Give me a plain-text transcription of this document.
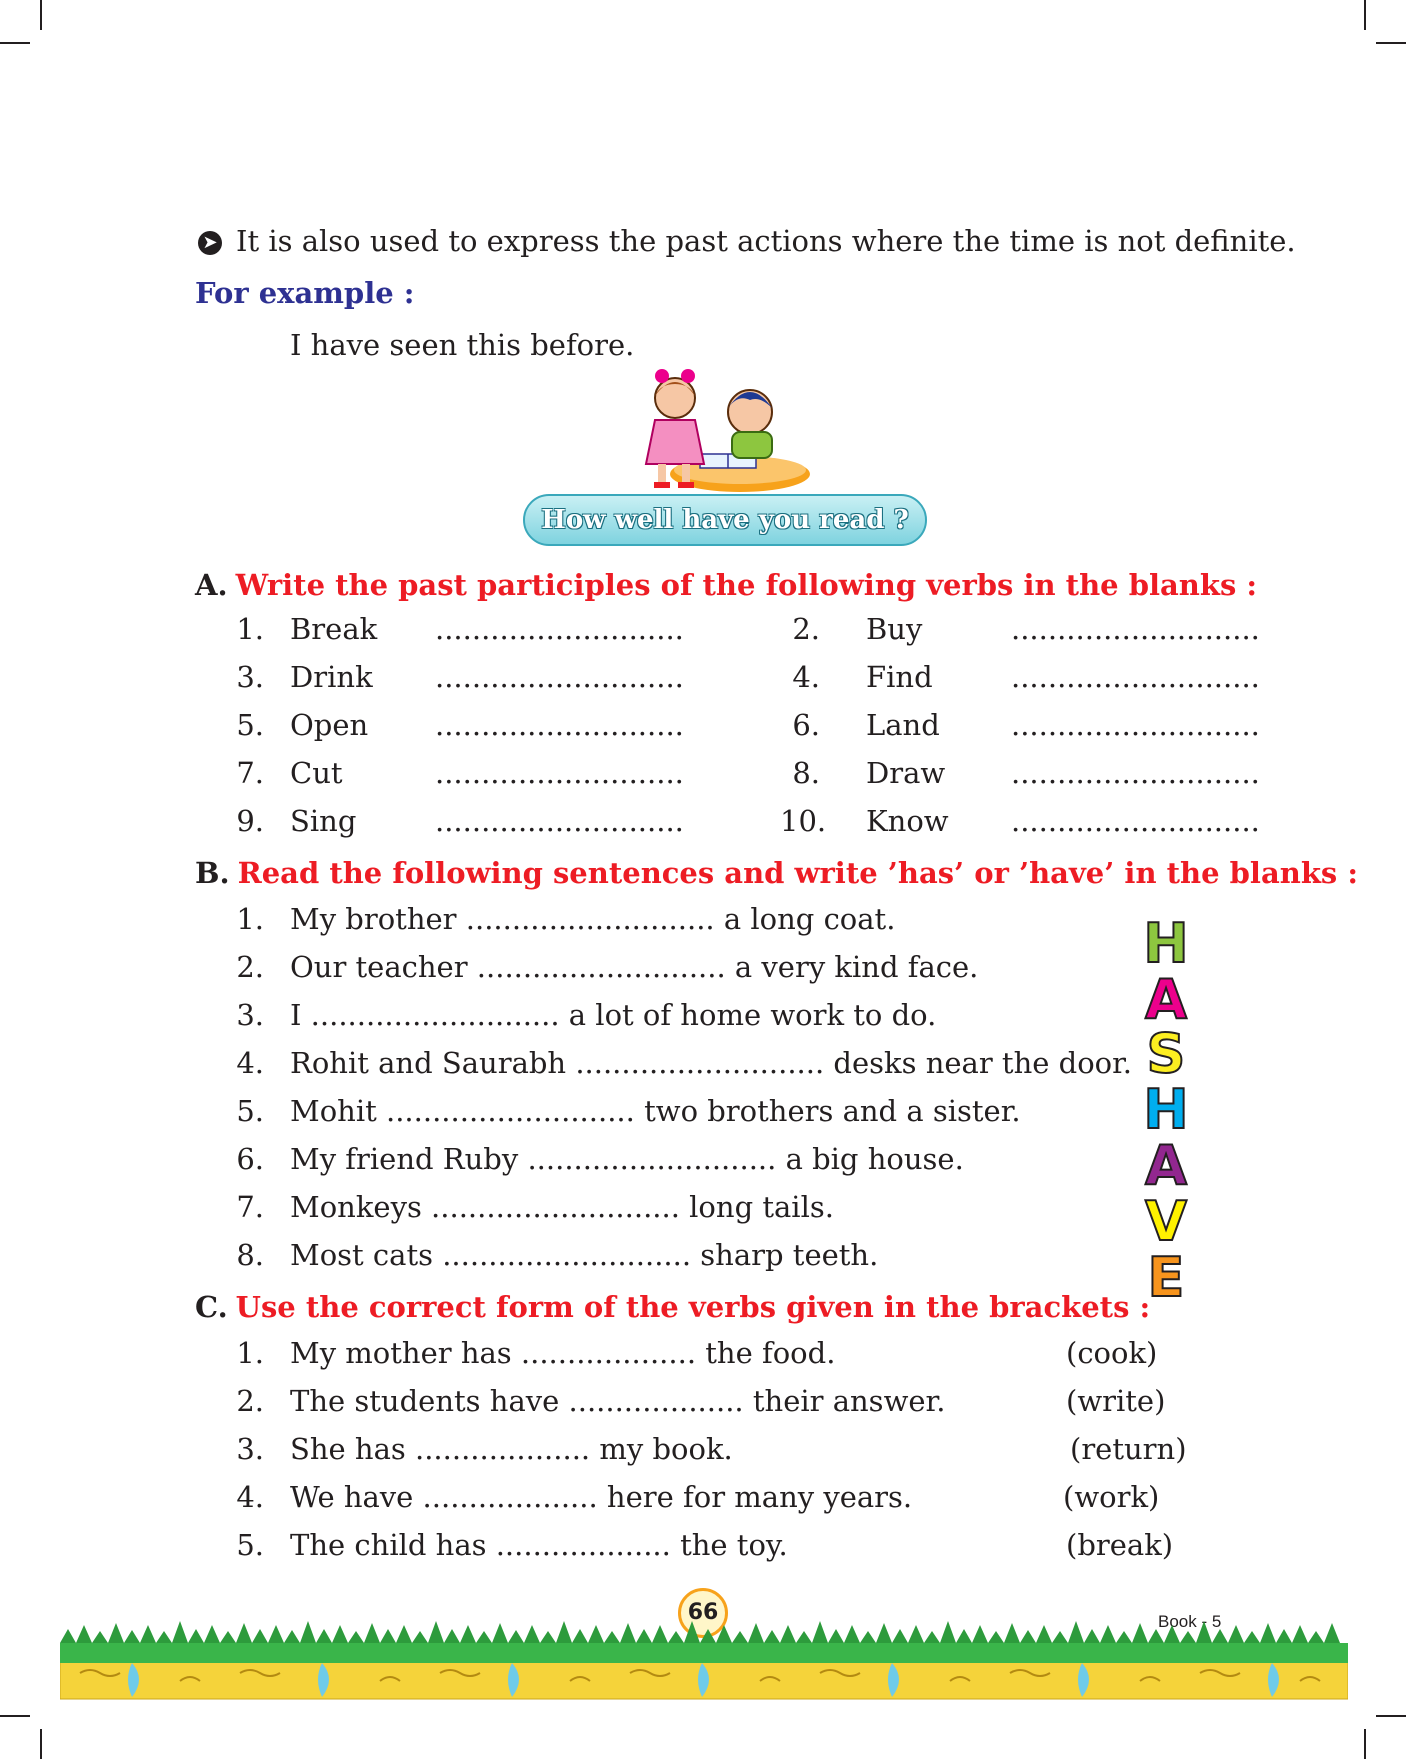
➤ It is also used to express the past actions where the time is not definite.
For example :
I have seen this before.
How well have you read ?
A. Write the past participles of the following verbs in the blanks :
1. Break ...........................	2. Buy	...........................
3. Drink ...........................	4. Find	...........................
5. Open ...........................	6. Land ...........................
7. Cut	...........................	8. Draw ...........................
9. Sing	...........................	10. Know ...........................
B. Read the following sentences and write ’has’ or ’have’ in the blanks :
1. My brother ........................... a long coat.
2. Our teacher ........................... a very kind face.
3. I ........................... a lot of home work to do.
4. Rohit and Saurabh ........................... desks near the door.
5. Mohit ........................... two brothers and a sister.
6. My friend Ruby ........................... a big house.
7. Monkeys ........................... long tails.
8. Most cats ........................... sharp teeth.
H
A
S
H
A
V
E
C. Use the correct form of the verbs given in the brackets :
1. My mother has ................... the food.	(cook)
2. The students have ................... their answer.	(write)
3. She has ................... my book.	(return)
4. We have ................... here for many years.	(work)
5. The child has ................... the toy.	(break)
66	Book - 5
